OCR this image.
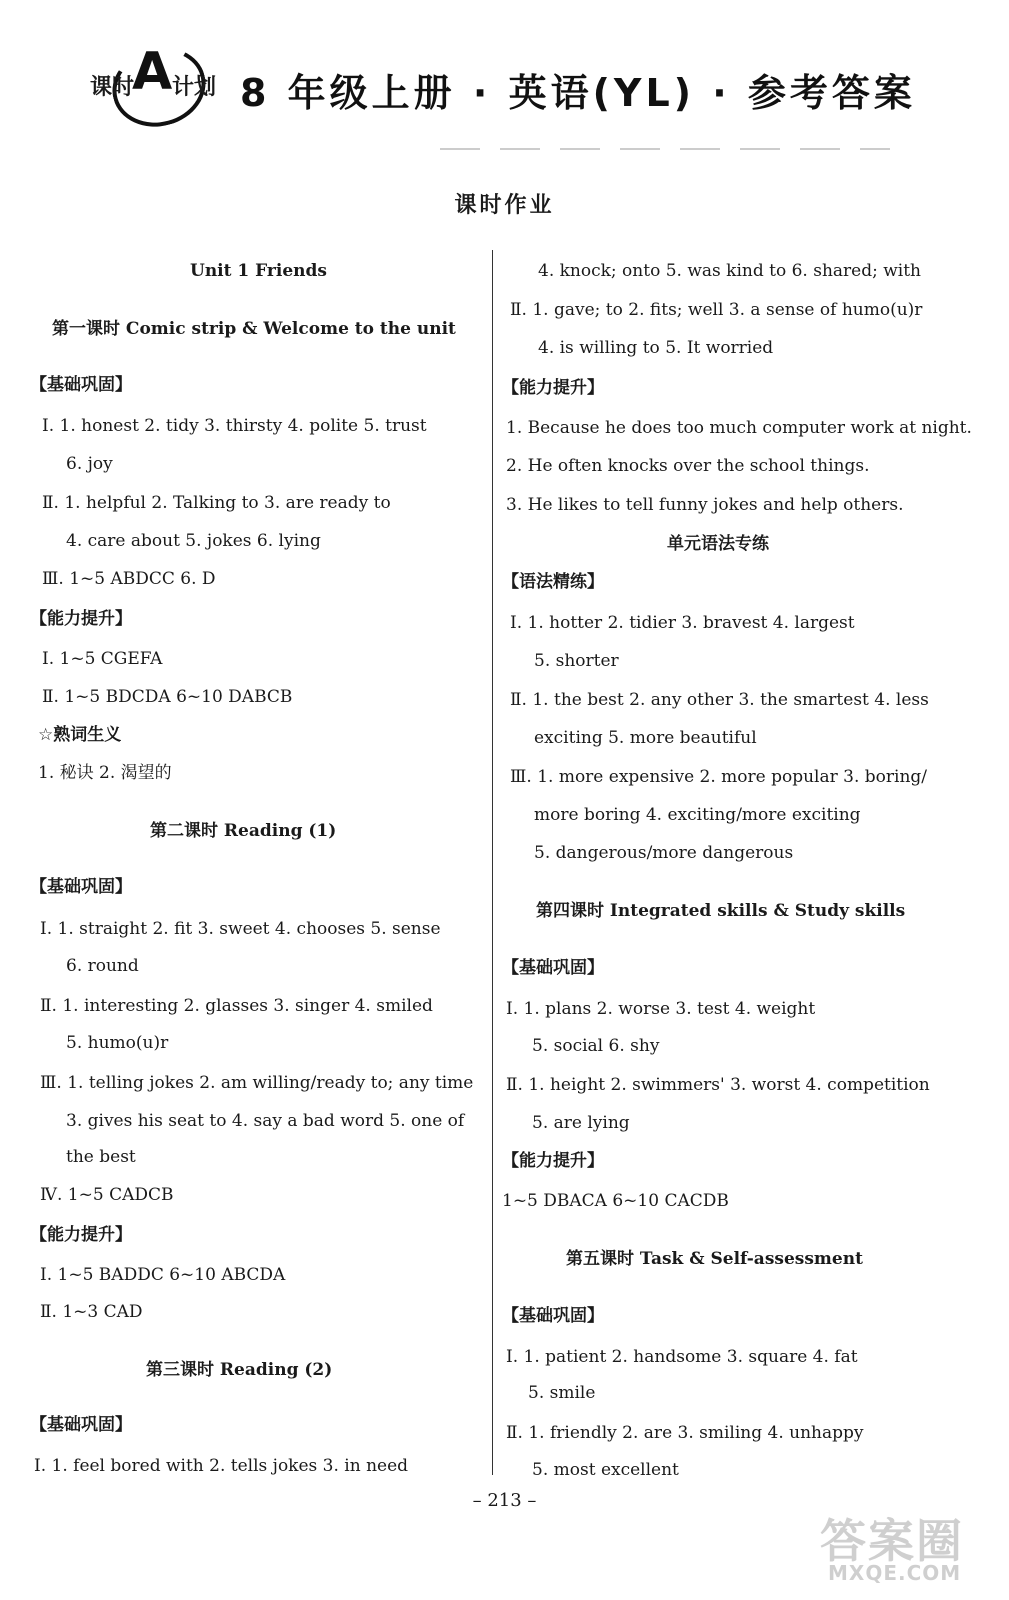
课时
A 计划 8 年级上册 · 英语(YL) · 参考答案
课时作业
Unit 1 Friends
第一课时 Comic strip & Welcome to the unit
【基础巩固】
Ⅰ. 1. honest 2. tidy 3. thirsty 4. polite 5. trust
6. joy
Ⅱ. 1. helpful 2. Talking to 3. are ready to
4. care about 5. jokes 6. lying
Ⅲ. 1~5 ABDCC 6. D
【能力提升】
Ⅰ. 1~5 CGEFA
Ⅱ. 1~5 BDCDA 6~10 DABCB
☆熟词生义
1. 秘诀 2. 渴望的
第二课时 Reading (1)
【基础巩固】
Ⅰ. 1. straight 2. fit 3. sweet 4. chooses 5. sense
6. round
Ⅱ. 1. interesting 2. glasses 3. singer 4. smiled
5. humo(u)r
Ⅲ. 1. telling jokes 2. am willing/ready to; any time
3. gives his seat to 4. say a bad word 5. one of
the best
Ⅳ. 1~5 CADCB
【能力提升】
Ⅰ. 1~5 BADDC 6~10 ABCDA
Ⅱ. 1~3 CAD
第三课时 Reading (2)
【基础巩固】
Ⅰ. 1. feel bored with 2. tells jokes 3. in need
4. knock; onto 5. was kind to 6. shared; with
Ⅱ. 1. gave; to 2. fits; well 3. a sense of humo(u)r
4. is willing to 5. It worried
【能力提升】
1. Because he does too much computer work at night.
2. He often knocks over the school things.
3. He likes to tell funny jokes and help others.
单元语法专练
【语法精练】
Ⅰ. 1. hotter 2. tidier 3. bravest 4. largest
5. shorter
Ⅱ. 1. the best 2. any other 3. the smartest 4. less
exciting 5. more beautiful
Ⅲ. 1. more expensive 2. more popular 3. boring/
more boring 4. exciting/more exciting
5. dangerous/more dangerous
第四课时 Integrated skills & Study skills
【基础巩固】
Ⅰ. 1. plans 2. worse 3. test 4. weight
5. social 6. shy
Ⅱ. 1. height 2. swimmers' 3. worst 4. competition
5. are lying
【能力提升】
1~5 DBACA 6~10 CACDB
第五课时 Task & Self-assessment
【基础巩固】
Ⅰ. 1. patient 2. handsome 3. square 4. fat
5. smile
Ⅱ. 1. friendly 2. are 3. smiling 4. unhappy
5. most excellent
– 213 –
答案圈
MXQE.COM
